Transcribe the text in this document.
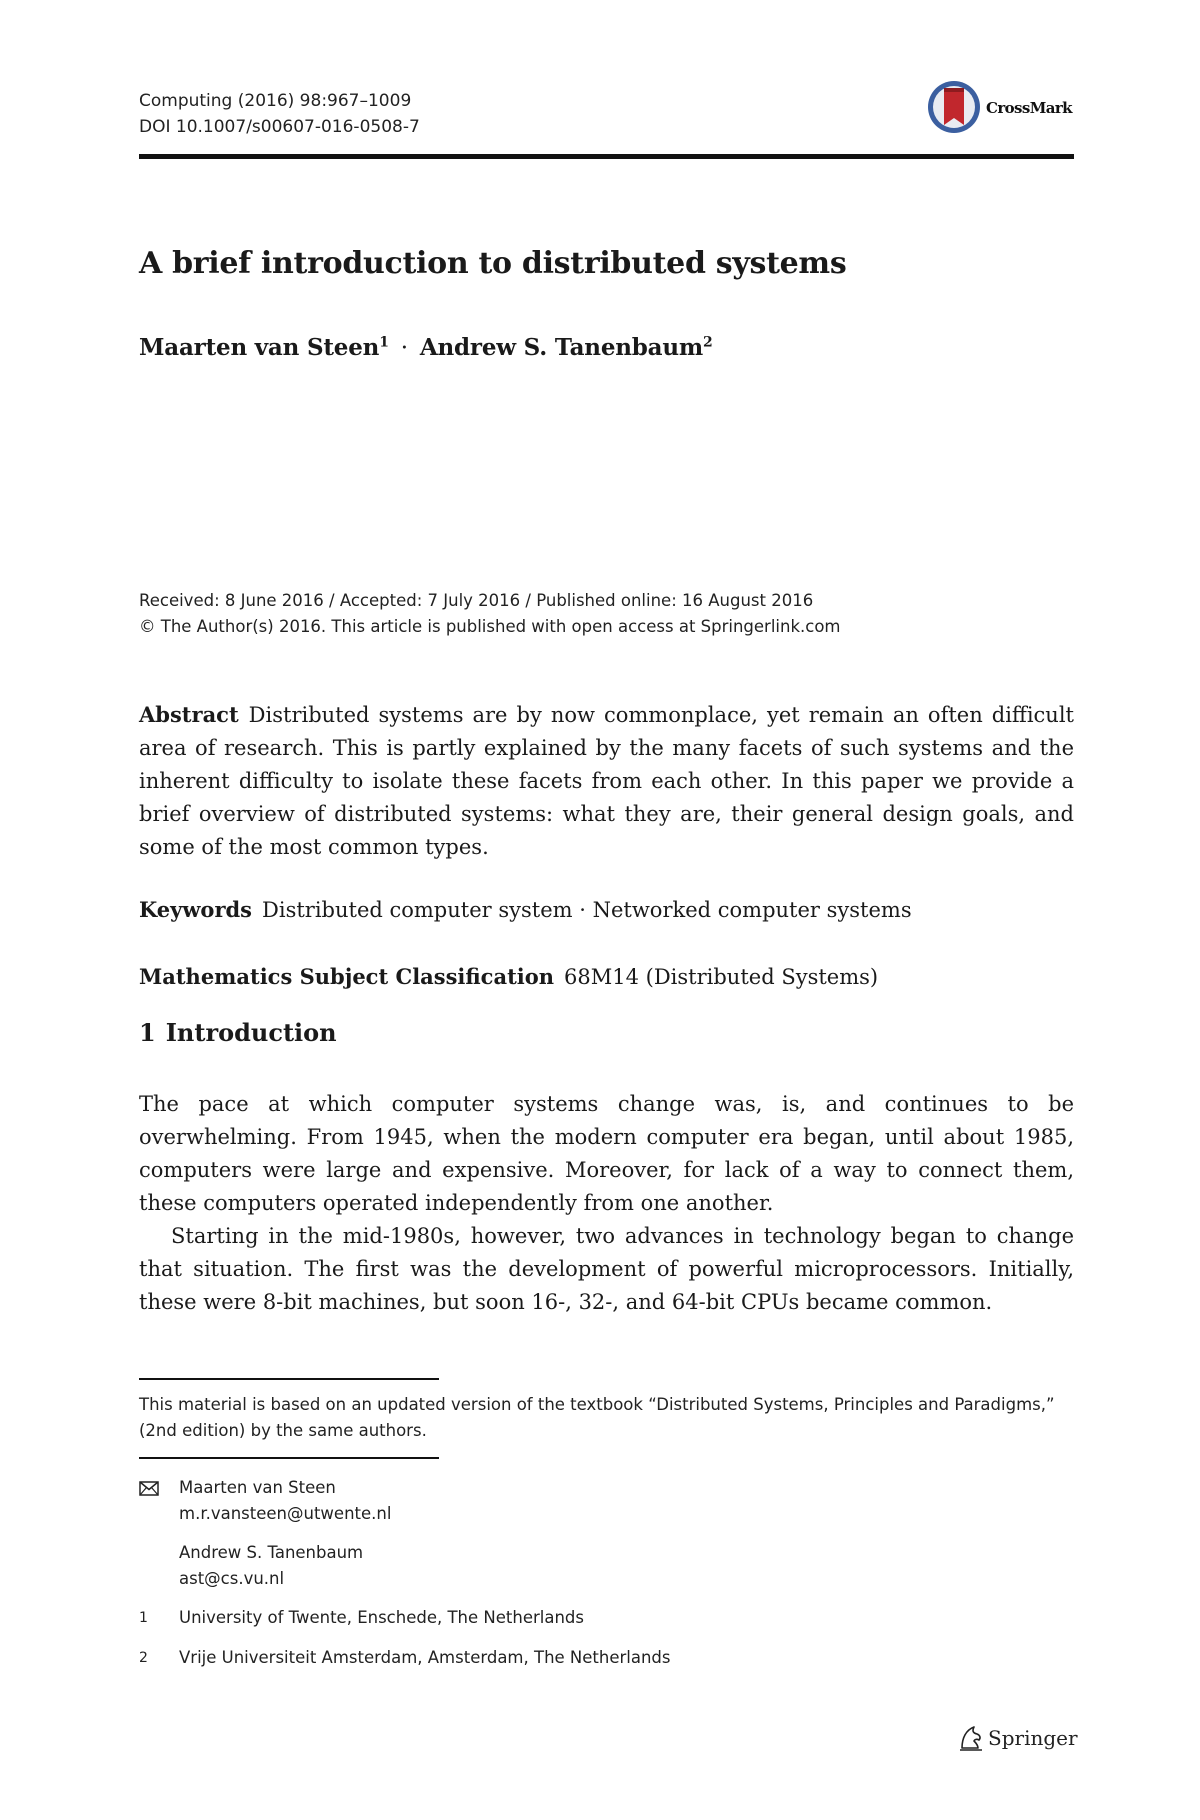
Computing (2016) 98:967–1009
DOI 10.1007/s00607-016-0508-7
CrossMark
A brief introduction to distributed systems
Maarten van Steen$^1$ · Andrew S. Tanenbaum$^2$
Received: 8 June 2016 / Accepted: 7 July 2016 / Published online: 16 August 2016
© The Author(s) 2016. This article is published with open access at Springerlink.com
Abstract Distributed systems are by now commonplace, yet remain an often difficult area of research. This is partly explained by the many facets of such systems and the inherent difficulty to isolate these facets from each other. In this paper we provide a brief overview of distributed systems: what they are, their general design goals, and some of the most common types.
Keywords Distributed computer system · Networked computer systems
Mathematics Subject Classification 68M14 (Distributed Systems)
1 Introduction

The pace at which computer systems change was, is, and continues to be overwhelming. From 1945, when the modern computer era began, until about 1985, computers were large and expensive. Moreover, for lack of a way to connect them, these computers operated independently from one another.

Starting in the mid-1980s, however, two advances in technology began to change that situation. The first was the development of powerful microprocessors. Initially, these were 8-bit machines, but soon 16-, 32-, and 64-bit CPUs became common.

This material is based on an updated version of the textbook “Distributed Systems, Principles and Paradigms,” (2nd edition) by the same authors.
Maarten van Steen
m.r.vansteen@utwente.nl
Andrew S. Tanenbaum
ast@cs.vu.nl
1	University of Twente, Enschede, The Netherlands
2	Vrije Universiteit Amsterdam, Amsterdam, The Netherlands
Springer
